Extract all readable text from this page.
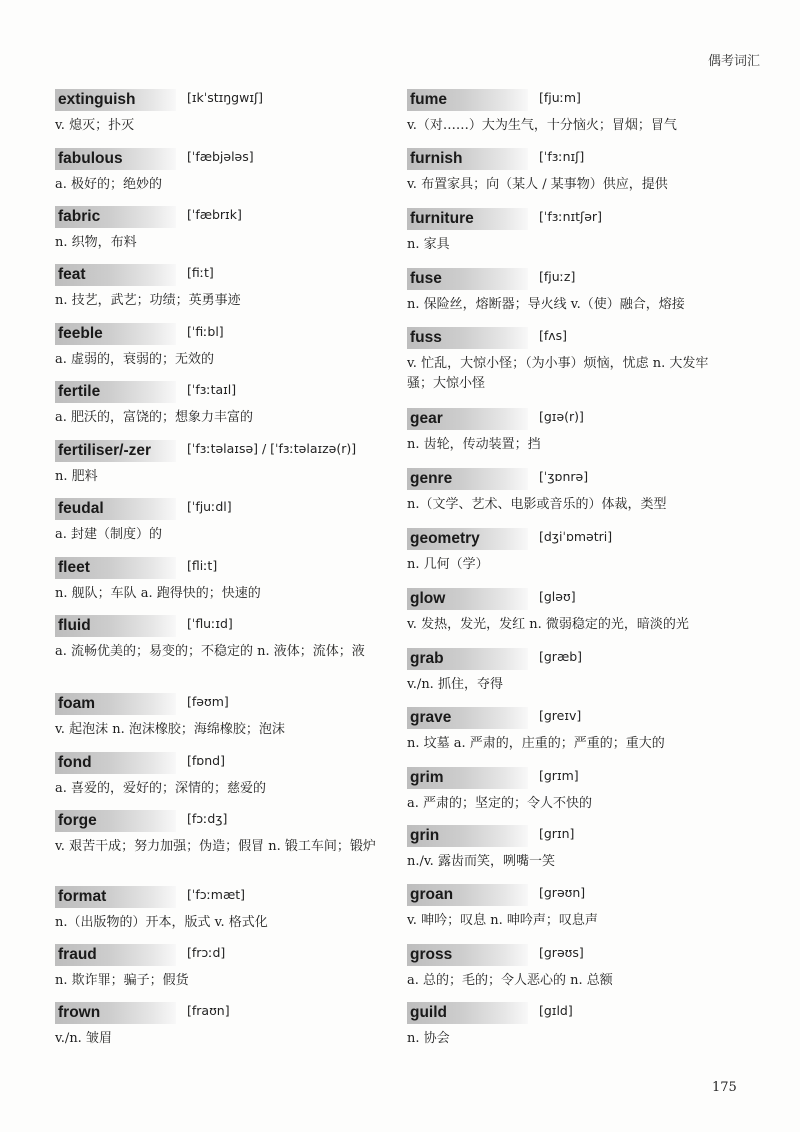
偶考词汇
extinguish	[ɪkˈstɪŋgwɪʃ]
v. 熄灭；扑灭
fabulous	[ˈfæbjələs]
a. 极好的；绝妙的
fabric	[ˈfæbrɪk]
n. 织物，布料
feat	[fiːt]
n. 技艺，武艺；功绩；英勇事迹
feeble	[ˈfiːbl]
a. 虚弱的，衰弱的；无效的
fertile	[ˈfɜːtaɪl]
a. 肥沃的，富饶的；想象力丰富的
fertiliser/-zer	[ˈfɜːtəlaɪsə] / [ˈfɜːtəlaɪzə(r)]
n. 肥料
feudal	[ˈfjuːdl]
a. 封建（制度）的
fleet	[fliːt]
n. 舰队；车队 a. 跑得快的；快速的
fluid	[ˈfluːɪd]
a. 流畅优美的；易变的；不稳定的 n. 液体；流体；液
foam	[fəʊm]
v. 起泡沫 n. 泡沫橡胶；海绵橡胶；泡沫
fond	[fɒnd]
a. 喜爱的，爱好的；深情的；慈爱的
forge	[fɔːdʒ]
v. 艰苦干成；努力加强；伪造；假冒 n. 锻工车间；锻炉
format	[ˈfɔːmæt]
n.（出版物的）开本，版式 v. 格式化
fraud	[frɔːd]
n. 欺诈罪；骗子；假货
frown	[fraʊn]
v./n. 皱眉
fume	[fjuːm]
v.（对……）大为生气，十分恼火；冒烟；冒气
furnish	[ˈfɜːnɪʃ]
v. 布置家具；向（某人 / 某事物）供应，提供
furniture	[ˈfɜːnɪtʃər]
n. 家具
fuse	[fjuːz]
n. 保险丝，熔断器；导火线 v.（使）融合，熔接
fuss	[fʌs]
v. 忙乱，大惊小怪；（为小事）烦恼，忧虑 n. 大发牢骚；大惊小怪
gear	[gɪə(r)]
n. 齿轮，传动装置；挡
genre	[ˈʒɒnrə]
n.（文学、艺术、电影或音乐的）体裁，类型
geometry	[dʒiˈɒmətri]
n. 几何（学）
glow	[gləʊ]
v. 发热，发光，发红 n. 微弱稳定的光，暗淡的光
grab	[græb]
v./n. 抓住，夺得
grave	[greɪv]
n. 坟墓 a. 严肃的，庄重的；严重的；重大的
grim	[grɪm]
a. 严肃的；坚定的；令人不快的
grin	[grɪn]
n./v. 露齿而笑，咧嘴一笑
groan	[grəʊn]
v. 呻吟；叹息 n. 呻吟声；叹息声
gross	[grəʊs]
a. 总的；毛的；令人恶心的 n. 总额
guild	[gɪld]
n. 协会
175
